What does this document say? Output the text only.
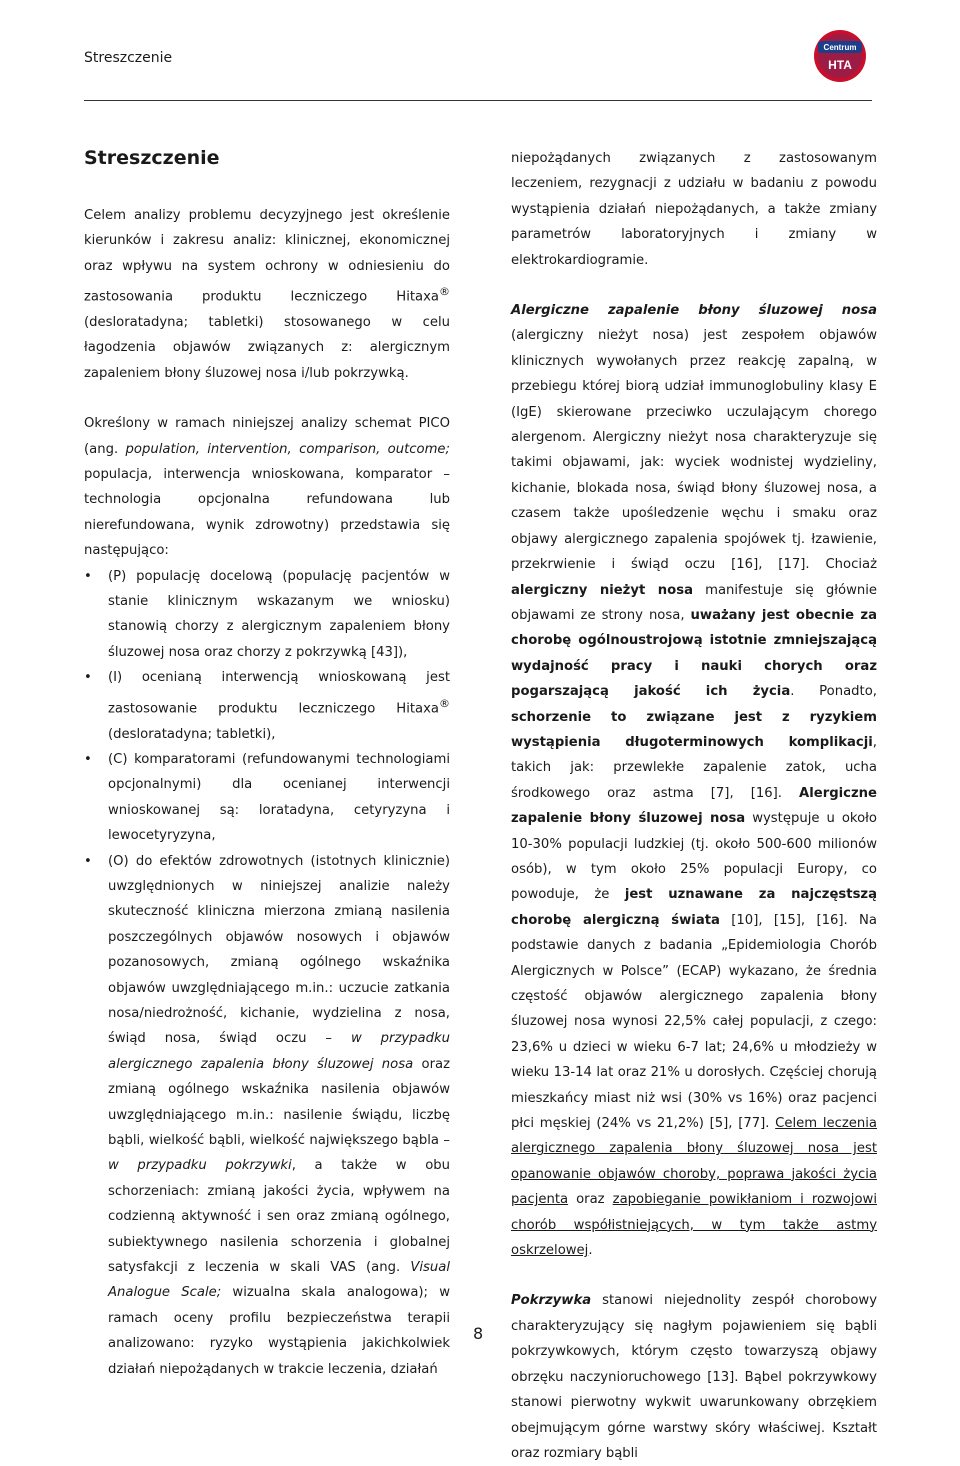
Streszczenie
Centrum
HTA
Streszczenie

Celem analizy problemu decyzyjnego jest określenie kierunków i zakresu analiz: klinicznej, ekonomicznej oraz wpływu na system ochrony w odniesieniu do zastosowania produktu leczniczego Hitaxa® (desloratadyna; tabletki) stosowanego w celu łagodzenia objawów związanych z: alergicznym zapaleniem błony śluzowej nosa i/lub pokrzywką.

Określony w ramach niniejszej analizy schemat PICO (ang. population, intervention, comparison, outcome; populacja, interwencja wnioskowana, komparator – technologia opcjonalna refundowana lub nierefundowana, wynik zdrowotny) przedstawia się następująco:

• (P) populację docelową (populację pacjentów w stanie klinicznym wskazanym we wniosku) stanowią chorzy z alergicznym zapaleniem błony śluzowej nosa oraz chorzy z pokrzywką [43]),
• (I) ocenianą interwencją wnioskowaną jest zastosowanie produktu leczniczego Hitaxa® (desloratadyna; tabletki),
• (C) komparatorami (refundowanymi technologiami opcjonalnymi) dla ocenianej interwencji wnioskowanej są: loratadyna, cetyryzyna i lewocetyryzyna,
• (O) do efektów zdrowotnych (istotnych klinicznie) uwzględnionych w niniejszej analizie należy skuteczność kliniczna mierzona zmianą nasilenia poszczególnych objawów nosowych i objawów pozanosowych, zmianą ogólnego wskaźnika objawów uwzględniającego m.in.: uczucie zatkania nosa/niedrożność, kichanie, wydzielina z nosa, świąd nosa, świąd oczu – w przypadku alergicznego zapalenia błony śluzowej nosa oraz zmianą ogólnego wskaźnika nasilenia objawów uwzględniającego m.in.: nasilenie świądu, liczbę bąbli, wielkość bąbli, wielkość największego bąbla – w przypadku pokrzywki, a także w obu schorzeniach: zmianą jakości życia, wpływem na codzienną aktywność i sen oraz zmianą ogólnego, subiektywnego nasilenia schorzenia i globalnej satysfakcji z leczenia w skali VAS (ang. Visual Analogue Scale; wizualna skala analogowa); w ramach oceny profilu bezpieczeństwa terapii analizowano: ryzyko wystąpienia jakichkolwiek działań niepożądanych w trakcie leczenia, działań

niepożądanych związanych z zastosowanym leczeniem, rezygnacji z udziału w badaniu z powodu wystąpienia działań niepożądanych, a także zmiany parametrów laboratoryjnych i zmiany w elektrokardiogramie.

Alergiczne zapalenie błony śluzowej nosa (alergiczny nieżyt nosa) jest zespołem objawów klinicznych wywołanych przez reakcję zapalną, w przebiegu której biorą udział immunoglobuliny klasy E (IgE) skierowane przeciwko uczulającym chorego alergenom. Alergiczny nieżyt nosa charakteryzuje się takimi objawami, jak: wyciek wodnistej wydzieliny, kichanie, blokada nosa, świąd błony śluzowej nosa, a czasem także upośledzenie węchu i smaku oraz objawy alergicznego zapalenia spojówek tj. łzawienie, przekrwienie i świąd oczu [16], [17]. Chociaż alergiczny nieżyt nosa manifestuje się głównie objawami ze strony nosa, uważany jest obecnie za chorobę ogólnoustrojową istotnie zmniejszającą wydajność pracy i nauki chorych oraz pogarszającą jakość ich życia. Ponadto, schorzenie to związane jest z ryzykiem wystąpienia długoterminowych komplikacji, takich jak: przewlekłe zapalenie zatok, ucha środkowego oraz astma [7], [16]. Alergiczne zapalenie błony śluzowej nosa występuje u około 10-30% populacji ludzkiej (tj. około 500-600 milionów osób), w tym około 25% populacji Europy, co powoduje, że jest uznawane za najczęstszą chorobę alergiczną świata [10], [15], [16]. Na podstawie danych z badania „Epidemiologia Chorób Alergicznych w Polsce” (ECAP) wykazano, że średnia częstość objawów alergicznego zapalenia błony śluzowej nosa wynosi 22,5% całej populacji, z czego: 23,6% u dzieci w wieku 6-7 lat; 24,6% u młodzieży w wieku 13-14 lat oraz 21% u dorosłych. Częściej chorują mieszkańcy miast niż wsi (30% vs 16%) oraz pacjenci płci męskiej (24% vs 21,2%) [5], [77]. Celem leczenia alergicznego zapalenia błony śluzowej nosa jest opanowanie objawów choroby, poprawa jakości życia pacjenta oraz zapobieganie powikłaniom i rozwojowi chorób współistniejących, w tym także astmy oskrzelowej.

Pokrzywka stanowi niejednolity zespół chorobowy charakteryzujący się nagłym pojawieniem się bąbli pokrzywkowych, którym często towarzyszą objawy obrzęku naczynioruchowego [13]. Bąbel pokrzywkowy stanowi pierwotny wykwit uwarunkowany obrzękiem obejmującym górne warstwy skóry właściwej. Kształt oraz rozmiary bąbli

8
